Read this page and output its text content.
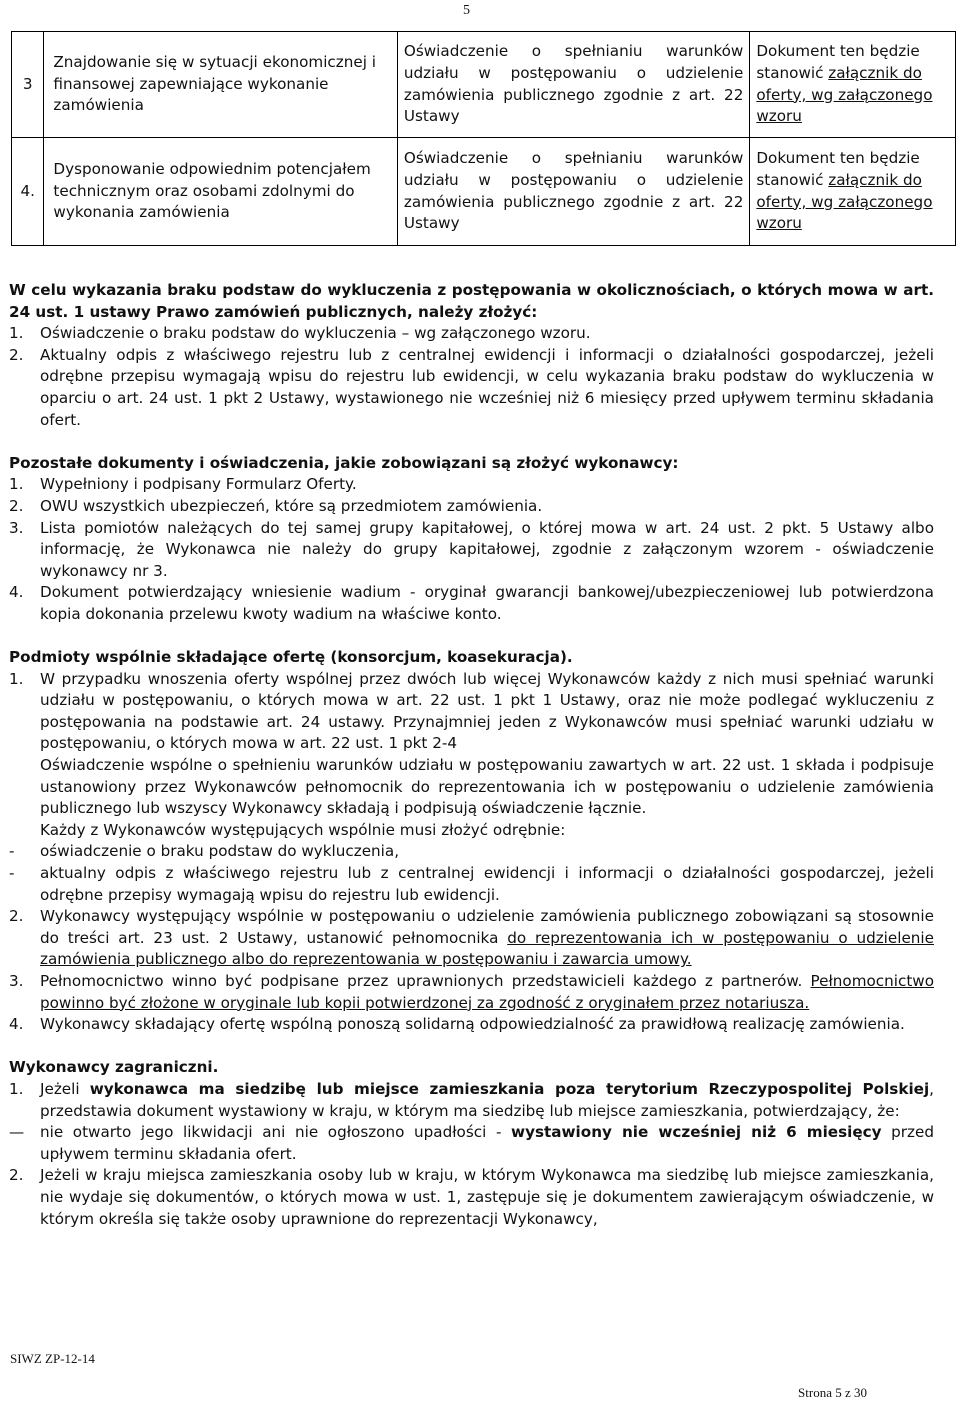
5
3	Znajdowanie się w sytuacji ekonomicznej i finansowej zapewniające wykonanie zamówienia	Oświadczenie o spełnianiu warunków udziału w postępowaniu o udzielenie zamówienia publicznego zgodnie z art. 22 Ustawy	Dokument ten będzie stanowić załącznik do oferty, wg załączonego wzoru
4.	Dysponowanie odpowiednim potencjałem technicznym oraz osobami zdolnymi do wykonania zamówienia	Oświadczenie o spełnianiu warunków udziału w postępowaniu o udzielenie zamówienia publicznego zgodnie z art. 22 Ustawy	Dokument ten będzie stanowić załącznik do oferty, wg załączonego wzoru

W celu wykazania braku podstaw do wykluczenia z postępowania w okolicznościach, o których mowa w art. 24 ust. 1 ustawy Prawo zamówień publicznych, należy złożyć:

1.	Oświadczenie o braku podstaw do wykluczenia – wg załączonego wzoru.
2.	Aktualny odpis z właściwego rejestru lub z centralnej ewidencji i informacji o działalności gospodarczej, jeżeli odrębne przepisu wymagają wpisu do rejestru lub ewidencji, w celu wykazania braku podstaw do wykluczenia w oparciu o art. 24 ust. 1 pkt 2 Ustawy, wystawionego nie wcześniej niż 6 miesięcy przed upływem terminu składania ofert.

Pozostałe dokumenty i oświadczenia, jakie zobowiązani są złożyć wykonawcy:

1.	Wypełniony i podpisany Formularz Oferty.
2.	OWU wszystkich ubezpieczeń, które są przedmiotem zamówienia.
3.	Lista pomiotów należących do tej samej grupy kapitałowej, o której mowa w art. 24 ust. 2 pkt. 5 Ustawy albo informację, że Wykonawca nie należy do grupy kapitałowej, zgodnie z załączonym wzorem - oświadczenie wykonawcy nr 3.
4.	Dokument potwierdzający wniesienie wadium - oryginał gwarancji bankowej/ubezpieczeniowej lub potwierdzona kopia dokonania przelewu kwoty wadium na właściwe konto.

Podmioty wspólnie składające ofertę (konsorcjum, koasekuracja).

1.	W przypadku wnoszenia oferty wspólnej przez dwóch lub więcej Wykonawców każdy z nich musi spełniać warunki udziału w postępowaniu, o których mowa w art. 22 ust. 1 pkt 1 Ustawy, oraz nie może podlegać wykluczeniu z postępowania na podstawie art. 24 ustawy. Przynajmniej jeden z Wykonawców musi spełniać warunki udziału w postępowaniu, o których mowa w art. 22 ust. 1 pkt 2-4
Oświadczenie wspólne o spełnieniu warunków udziału w postępowaniu zawartych w art. 22 ust. 1 składa i podpisuje ustanowiony przez Wykonawców pełnomocnik do reprezentowania ich w postępowaniu o udzielenie zamówienia publicznego lub wszyscy Wykonawcy składają i podpisują oświadczenie łącznie.
Każdy z Wykonawców występujących wspólnie musi złożyć odrębnie:
-	oświadczenie o braku podstaw do wykluczenia,
-	aktualny odpis z właściwego rejestru lub z centralnej ewidencji i informacji o działalności gospodarczej, jeżeli odrębne przepisy wymagają wpisu do rejestru lub ewidencji.
2.	Wykonawcy występujący wspólnie w postępowaniu o udzielenie zamówienia publicznego zobowiązani są stosownie do treści art. 23 ust. 2 Ustawy, ustanowić pełnomocnika do reprezentowania ich w postępowaniu o udzielenie zamówienia publicznego albo do reprezentowania w postępowaniu i zawarcia umowy.
3.	Pełnomocnictwo winno być podpisane przez uprawnionych przedstawicieli każdego z partnerów. Pełnomocnictwo powinno być złożone w oryginale lub kopii potwierdzonej za zgodność z oryginałem przez notariusza.
4.	Wykonawcy składający ofertę wspólną ponoszą solidarną odpowiedzialność za prawidłową realizację zamówienia.

Wykonawcy zagraniczni.

1.	Jeżeli wykonawca ma siedzibę lub miejsce zamieszkania poza terytorium Rzeczypospolitej Polskiej, przedstawia dokument wystawiony w kraju, w którym ma siedzibę lub miejsce zamieszkania, potwierdzający, że:
—	nie otwarto jego likwidacji ani nie ogłoszono upadłości - wystawiony nie wcześniej niż 6 miesięcy przed upływem terminu składania ofert.
2.	Jeżeli w kraju miejsca zamieszkania osoby lub w kraju, w którym Wykonawca ma siedzibę lub miejsce zamieszkania, nie wydaje się dokumentów, o których mowa w ust. 1, zastępuje się je dokumentem zawierającym oświadczenie, w którym określa się także osoby uprawnione do reprezentacji Wykonawcy,
SIWZ ZP-12-14
Strona 5 z 30
